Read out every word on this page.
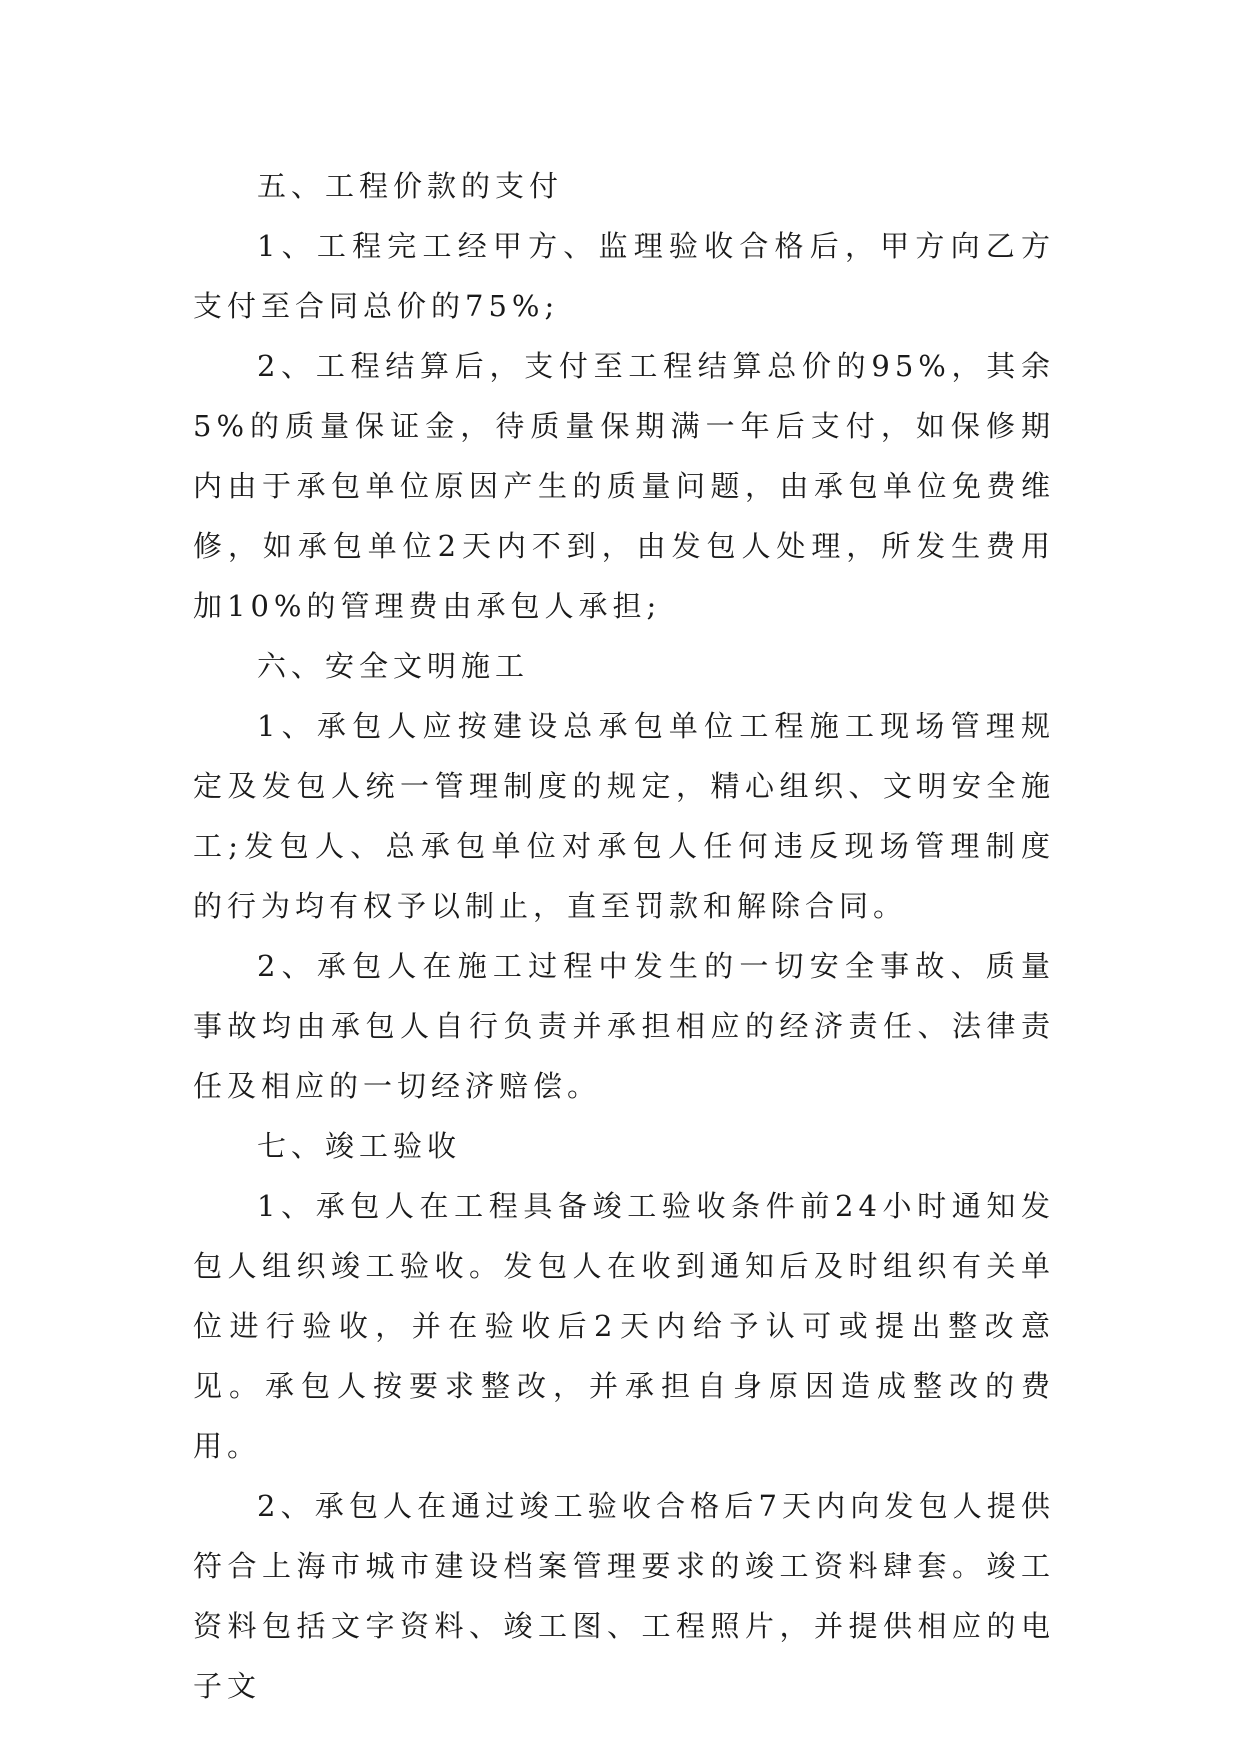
五、工程价款的支付

1、工程完工经甲方、监理验收合格后，甲方向乙方支付至合同总价的75%;

2、工程结算后，支付至工程结算总价的95%，其余5%的质量保证金，待质量保期满一年后支付，如保修期内由于承包单位原因产生的质量问题，由承包单位免费维修，如承包单位2天内不到，由发包人处理，所发生费用加10%的管理费由承包人承担;

六、安全文明施工

1、承包人应按建设总承包单位工程施工现场管理规定及发包人统一管理制度的规定，精心组织、文明安全施工;发包人、总承包单位对承包人任何违反现场管理制度的行为均有权予以制止，直至罚款和解除合同。

2、承包人在施工过程中发生的一切安全事故、质量事故均由承包人自行负责并承担相应的经济责任、法律责任及相应的一切经济赔偿。

七、竣工验收

1、承包人在工程具备竣工验收条件前24小时通知发包人组织竣工验收。发包人在收到通知后及时组织有关单位进行验收，并在验收后2天内给予认可或提出整改意见。承包人按要求整改，并承担自身原因造成整改的费用。

2、承包人在通过竣工验收合格后7天内向发包人提供符合上海市城市建设档案管理要求的竣工资料肆套。竣工资料包括文字资料、竣工图、工程照片，并提供相应的电子文
